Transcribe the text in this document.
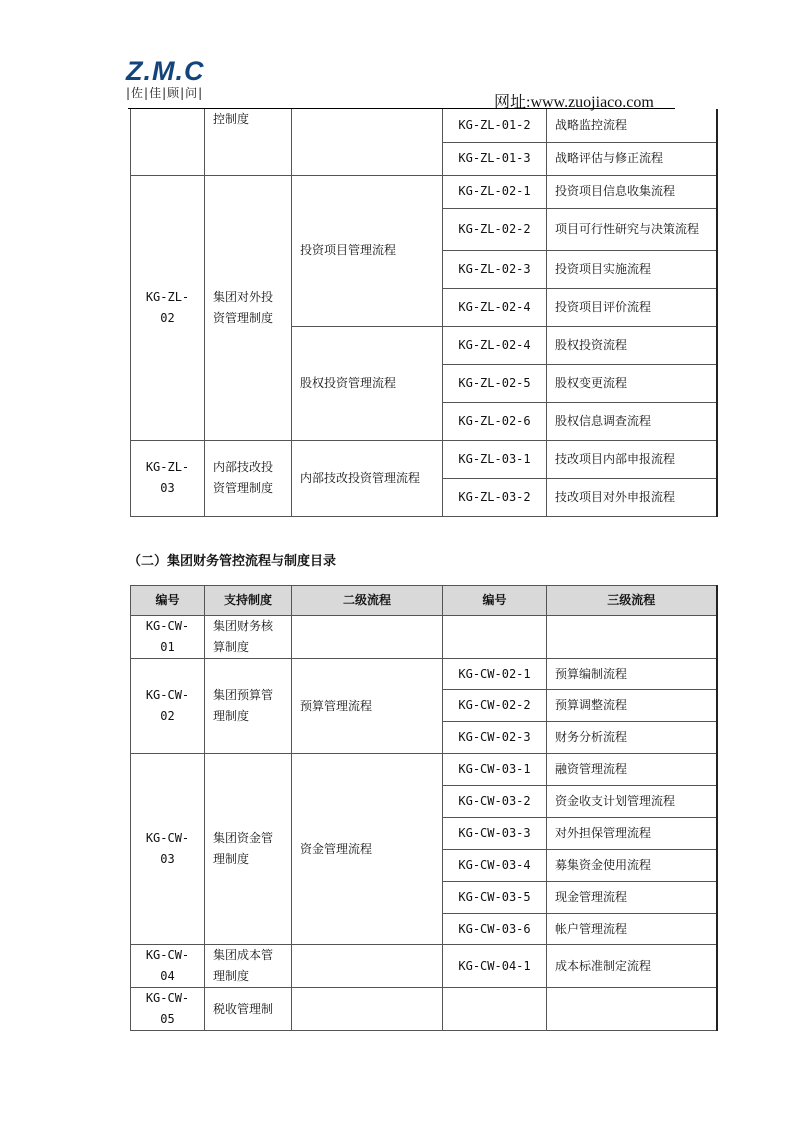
Z.M.C
|佐|佳|顾|问|
网址:www.zuojiaco.com
	控制度		KG-ZL-01-2	战略监控流程
			KG-ZL-01-3	战略评估与修正流程
KG-ZL-02	集团对外投资管理制度	投资项目管理流程	KG-ZL-02-1	投资项目信息收集流程
			KG-ZL-02-2	项目可行性研究与决策流程
			KG-ZL-02-3	投资项目实施流程
			KG-ZL-02-4	投资项目评价流程
		股权投资管理流程	KG-ZL-02-4	股权投资流程
			KG-ZL-02-5	股权变更流程
			KG-ZL-02-6	股权信息调查流程
KG-ZL-03	内部技改投资管理制度	内部技改投资管理流程	KG-ZL-03-1	技改项目内部申报流程
			KG-ZL-03-2	技改项目对外申报流程
（二）集团财务管控流程与制度目录
编号	支持制度	二级流程	编号	三级流程
KG-CW-01	集团财务核算制度			
KG-CW-02	集团预算管理制度	预算管理流程	KG-CW-02-1	预算编制流程
			KG-CW-02-2	预算调整流程
			KG-CW-02-3	财务分析流程
KG-CW-03	集团资金管理制度	资金管理流程	KG-CW-03-1	融资管理流程
			KG-CW-03-2	资金收支计划管理流程
			KG-CW-03-3	对外担保管理流程
			KG-CW-03-4	募集资金使用流程
			KG-CW-03-5	现金管理流程
			KG-CW-03-6	帐户管理流程
KG-CW-04	集团成本管理制度		KG-CW-04-1	成本标准制定流程
KG-CW-05	税收管理制			
